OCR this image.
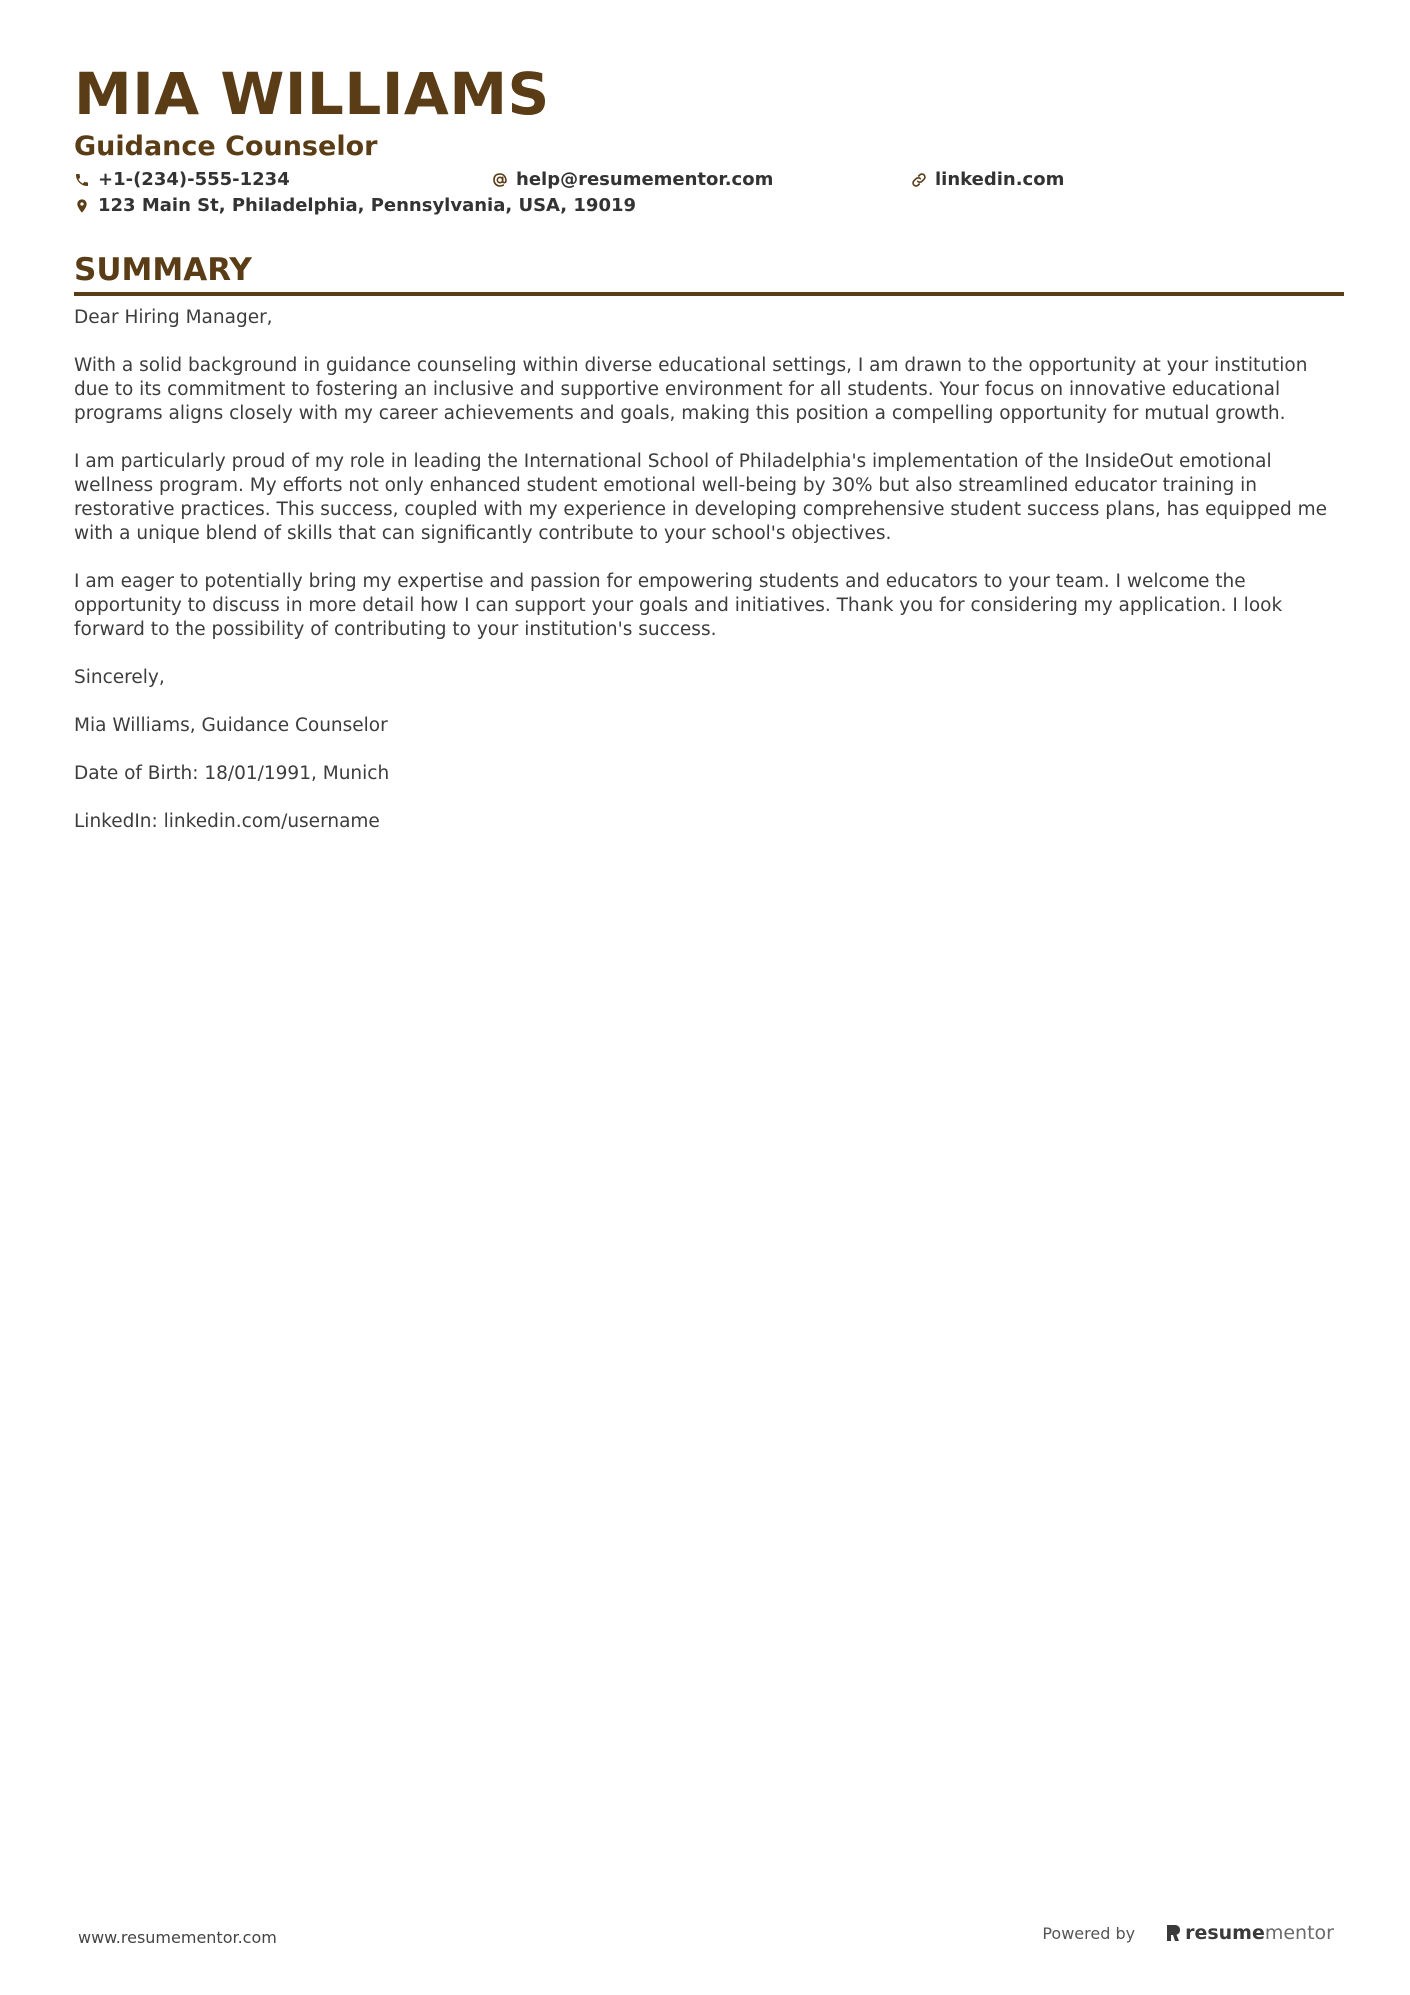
MIA WILLIAMS
Guidance Counselor
+1-(234)-555-1234	help@resumementor.com	linkedin.com
123 Main St, Philadelphia, Pennsylvania, USA, 19019
SUMMARY

Dear Hiring Manager,

With a solid background in guidance counseling within diverse educational settings, I am drawn to the opportunity at your institution due to its commitment to fostering an inclusive and supportive environment for all students. Your focus on innovative educational programs aligns closely with my career achievements and goals, making this position a compelling opportunity for mutual growth.

I am particularly proud of my role in leading the International School of Philadelphia's implementation of the InsideOut emotional wellness program. My efforts not only enhanced student emotional well-being by 30% but also streamlined educator training in restorative practices. This success, coupled with my experience in developing comprehensive student success plans, has equipped me with a unique blend of skills that can significantly contribute to your school's objectives.

I am eager to potentially bring my expertise and passion for empowering students and educators to your team. I welcome the opportunity to discuss in more detail how I can support your goals and initiatives. Thank you for considering my application. I look forward to the possibility of contributing to your institution's success.

Sincerely,

Mia Williams, Guidance Counselor

Date of Birth: 18/01/1991, Munich

LinkedIn: linkedin.com/username

www.resumementor.com	Powered by	resume mentor
